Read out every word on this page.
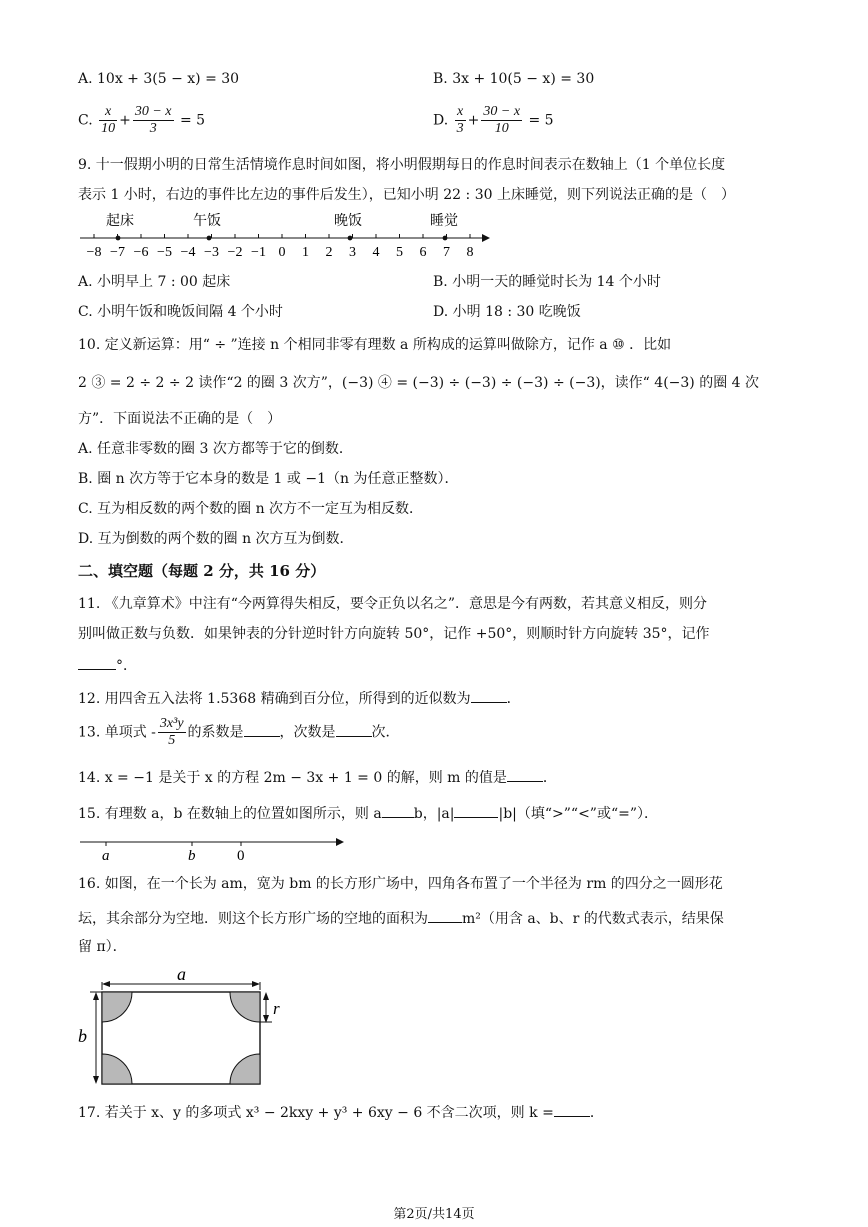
A. 10x + 3(5 − x) = 30	B. 3x + 10(5 − x) = 30
C. $\frac{x}{10} + \frac{30 - x}{3} = 5$	D. $\frac{x}{3} + \frac{30 - x}{10} = 5$
9. 十一假期小明的日常生活情境作息时间如图，将小明假期每日的作息时间表示在数轴上（1 个单位长度
表示 1 小时，右边的事件比左边的事件后发生），已知小明 22 : 30 上床睡觉，则下列说法正确的是（　）
起床	午饭	晚饭	睡觉
−8 −7 −6 −5 −4 −3 −2 −1 0 1 2 3 4 5 6 7 8
A. 小明早上 7 : 00 起床	B. 小明一天的睡觉时长为 14 个小时
C. 小明午饭和晚饭间隔 4 个小时	D. 小明 18 : 30 吃晚饭
10. 定义新运算：用“ ÷ ”连接 n 个相同非零有理数 a 所构成的运算叫做除方，记作 a ⑩ ．比如
2 ③ = 2 ÷ 2 ÷ 2 读作“2 的圈 3 次方”，(−3) ④ = (−3) ÷ (−3) ÷ (−3) ÷ (−3)，读作“ 4(−3) 的圈 4 次
方”．下面说法不正确的是（　）
A. 任意非零数的圈 3 次方都等于它的倒数．
B. 圈 n 次方等于它本身的数是 1 或 −1（n 为任意正整数）．
C. 互为相反数的两个数的圈 n 次方不一定互为相反数．
D. 互为倒数的两个数的圈 n 次方互为倒数．
二、填空题（每题 2 分，共 16 分）
11. 《九章算术》中注有“今两算得失相反，要令正负以名之”．意思是今有两数，若其意义相反，则分
别叫做正数与负数．如果钟表的分针逆时针方向旋转 50°，记作 +50°，则顺时针方向旋转 35°，记作
°．
12. 用四舍五入法将 1.5368 精确到百分位，所得到的近似数为	．
13. 单项式 - $\frac{\text{3x³y}}{5}$ 的系数是	，次数是	次．
14. x = −1 是关于 x 的方程 2m − 3x + 1 = 0 的解，则 m 的值是	．
15. 有理数 a，b 在数轴上的位置如图所示，则 a b，|a|	|b|（填“>”“<”或“=”）．
a	b	0
16. 如图，在一个长为 am，宽为 bm 的长方形广场中，四角各布置了一个半径为 rm 的四分之一圆形花
坛，其余部分为空地．则这个长方形广场的空地的面积为 m²（用含 a、b、r 的代数式表示，结果保
留 π）．
a
b
r
17. 若关于 x、y 的多项式 x³ − 2kxy + y³ + 6xy − 6 不含二次项，则 k =	．
第2页/共14页
